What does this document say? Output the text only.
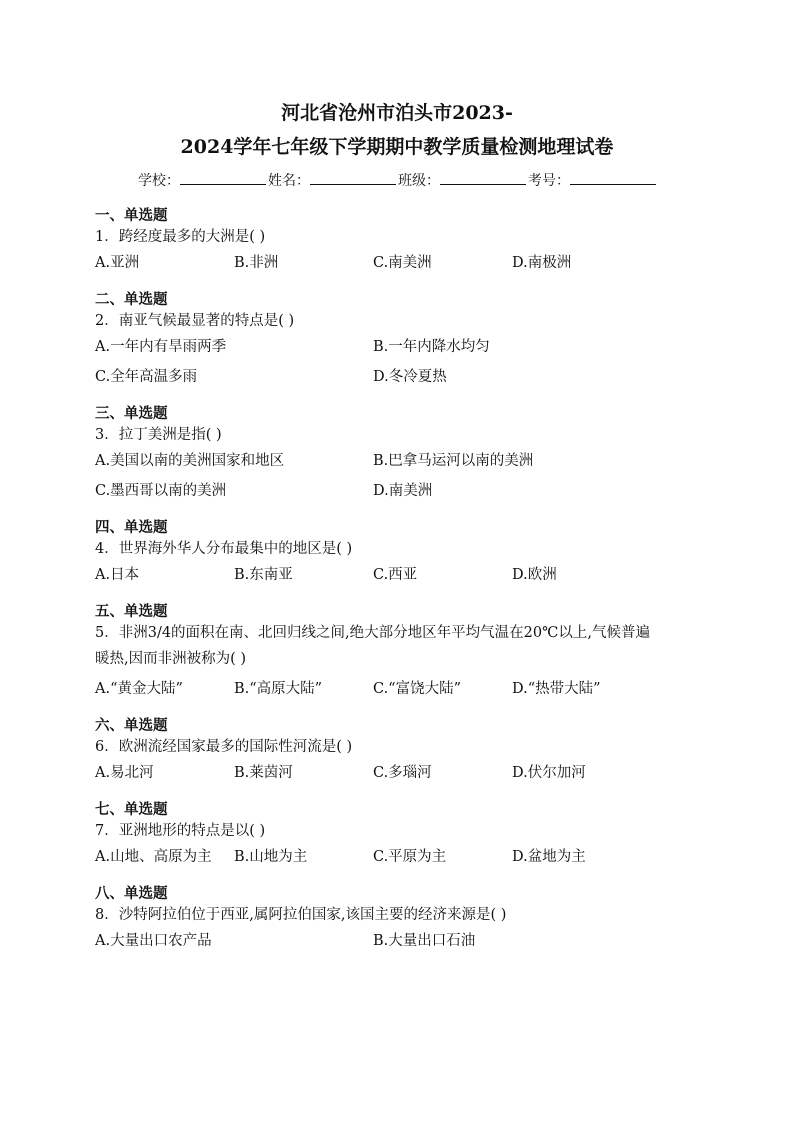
河北省沧州市泊头市2023-
2024学年七年级下学期期中教学质量检测地理试卷
学校：	姓名：	班级：	考号：
一、单选题

1．跨经度最多的大洲是( )

A.亚洲	B.非洲	C.南美洲	D.南极洲
二、单选题

2．南亚气候最显著的特点是( )

A.一年内有旱雨两季	B.一年内降水均匀
C.全年高温多雨	D.冬冷夏热
三、单选题

3．拉丁美洲是指( )

A.美国以南的美洲国家和地区	B.巴拿马运河以南的美洲
C.墨西哥以南的美洲	D.南美洲
四、单选题

4．世界海外华人分布最集中的地区是( )

A.日本	B.东南亚	C.西亚	D.欧洲
五、单选题

5．非洲3/4的面积在南、北回归线之间,绝大部分地区年平均气温在20℃以上,气候普遍

暖热,因而非洲被称为( )

A.“黄金大陆”	B.“高原大陆”	C.“富饶大陆”	D.“热带大陆”
六、单选题

6．欧洲流经国家最多的国际性河流是( )

A.易北河	B.莱茵河	C.多瑙河	D.伏尔加河
七、单选题

7．亚洲地形的特点是以( )

A.山地、高原为主	B.山地为主	C.平原为主	D.盆地为主
八、单选题

8．沙特阿拉伯位于西亚,属阿拉伯国家,该国主要的经济来源是( )

A.大量出口农产品	B.大量出口石油
